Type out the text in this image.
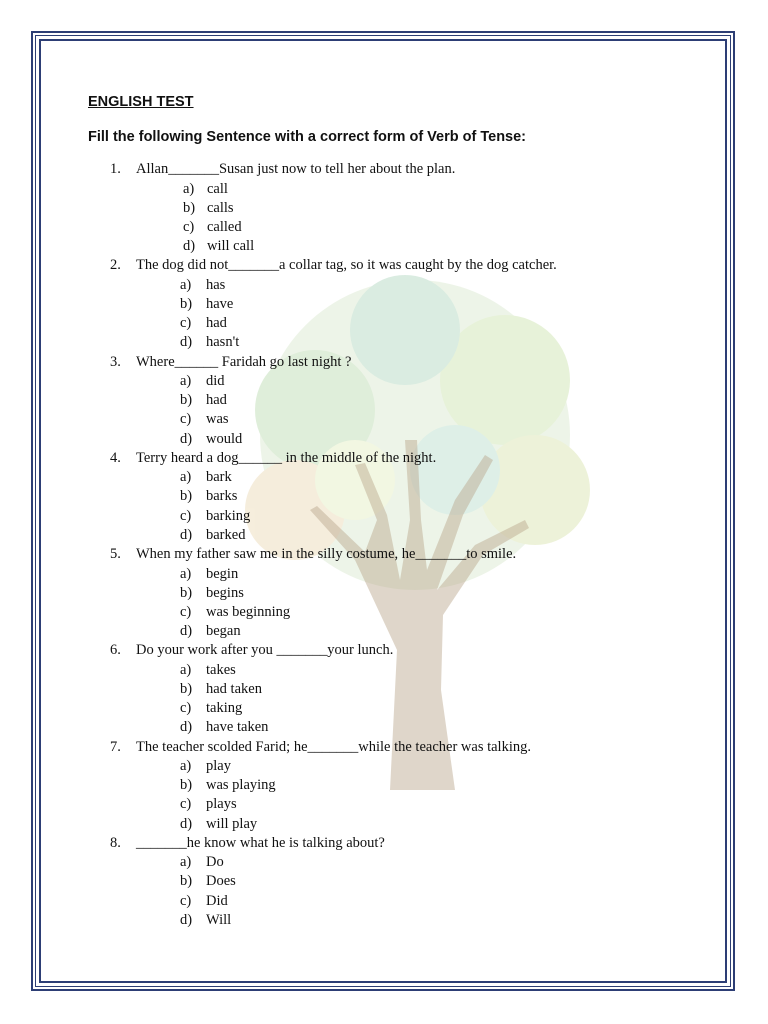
ENGLISH TEST
Fill the following Sentence with a correct form of Verb of Tense:
1.	Allan_______Susan just now to tell her about the plan.
a) call
b) calls
c) called
d) will call
2.	The dog did not_______a collar tag, so it was caught by the dog catcher.
a) has
b) have
c) had
d) hasn't
3.	Where______ Faridah go last night ?
a) did
b) had
c) was
d) would
4.	Terry heard a dog______ in the middle of the night.
a) bark
b) barks
c) barking
d) barked
5.	When my father saw me in the silly costume, he_______to smile.
a) begin
b) begins
c) was beginning
d) began
6.	Do your work after you _______your lunch.
a) takes
b) had taken
c) taking
d) have taken
7.	The teacher scolded Farid; he_______while the teacher was talking.
a) play
b) was playing
c) plays
d) will play
8.	_______he know what he is talking about?
a) Do
b) Does
c) Did
d) Will
